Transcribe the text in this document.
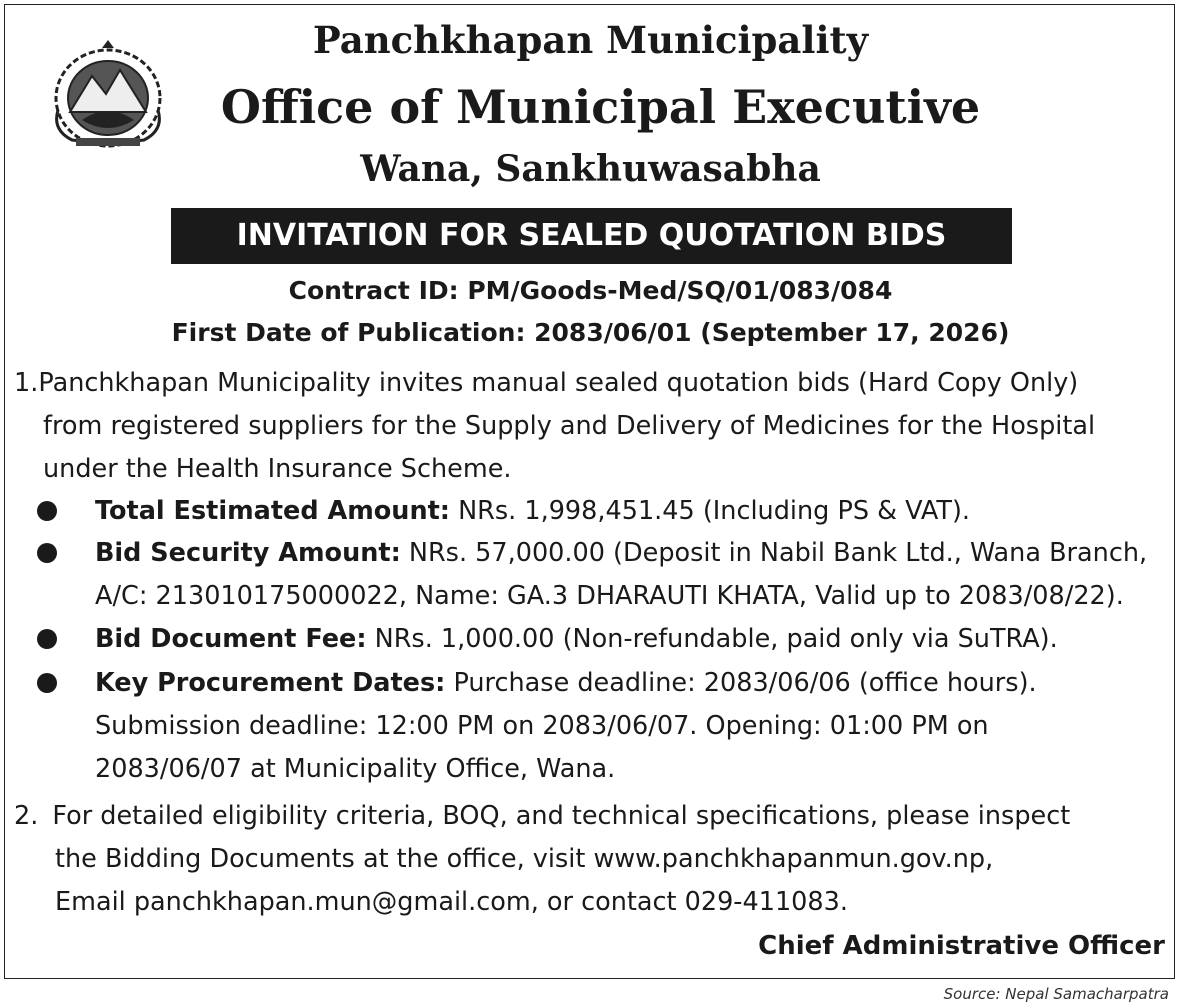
Panchkhapan Municipality
Office of Municipal Executive
Wana, Sankhuwasabha
INVITATION FOR SEALED QUOTATION BIDS
Contract ID: PM/Goods-Med/SQ/01/083/084
First Date of Publication: 2083/06/01 (September 17, 2026)
1.Panchkhapan Municipality invites manual sealed quotation bids (Hard Copy Only)
from registered suppliers for the Supply and Delivery of Medicines for the Hospital
under the Health Insurance Scheme.
Total Estimated Amount: NRs. 1,998,451.45 (Including PS & VAT).
Bid Security Amount: NRs. 57,000.00 (Deposit in Nabil Bank Ltd., Wana Branch,
A/C: 213010175000022, Name: GA.3 DHARAUTI KHATA, Valid up to 2083/08/22).
Bid Document Fee: NRs. 1,000.00 (Non-refundable, paid only via SuTRA).
Key Procurement Dates: Purchase deadline: 2083/06/06 (office hours).
Submission deadline: 12:00 PM on 2083/06/07. Opening: 01:00 PM on
2083/06/07 at Municipality Office, Wana.
2. For detailed eligibility criteria, BOQ, and technical specifications, please inspect
the Bidding Documents at the office, visit www.panchkhapanmun.gov.np,
Email panchkhapan.mun@gmail.com, or contact 029-411083.
Chief Administrative Officer
Source: Nepal Samacharpatra
